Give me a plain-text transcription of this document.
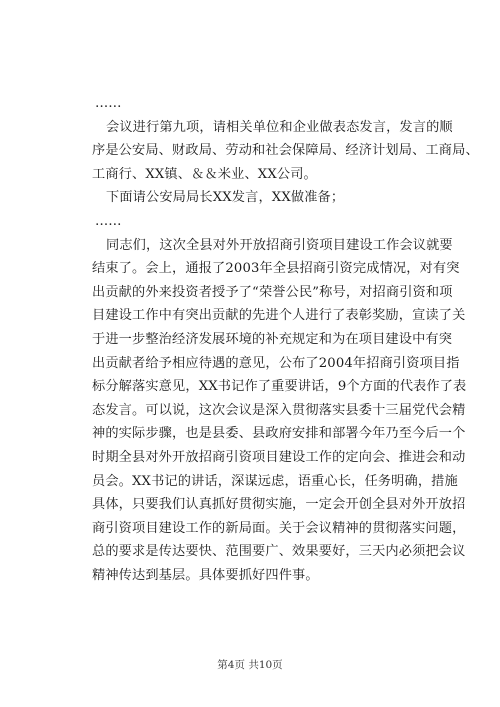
……
会议进行第九项，请相关单位和企业做表态发言，发言的顺
序是公安局、财政局、劳动和社会保障局、经济计划局、工商局、
工商行、XX镇、＆＆米业、XX公司。
下面请公安局局长XX发言，XX做准备；
……
同志们，这次全县对外开放招商引资项目建设工作会议就要
结束了。会上，通报了2003年全县招商引资完成情况，对有突
出贡献的外来投资者授予了“荣誉公民”称号，对招商引资和项
目建设工作中有突出贡献的先进个人进行了表彰奖励，宣读了关
于进一步整治经济发展环境的补充规定和为在项目建设中有突
出贡献者给予相应待遇的意见，公布了2004年招商引资项目指
标分解落实意见，XX书记作了重要讲话，9个方面的代表作了表
态发言。可以说，这次会议是深入贯彻落实县委十三届党代会精
神的实际步骤，也是县委、县政府安排和部署今年乃至今后一个
时期全县对外开放招商引资项目建设工作的定向会、推进会和动
员会。XX书记的讲话，深谋远虑，语重心长，任务明确，措施
具体，只要我们认真抓好贯彻实施，一定会开创全县对外开放招
商引资项目建设工作的新局面。关于会议精神的贯彻落实问题，
总的要求是传达要快、范围要广、效果要好，三天内必须把会议
精神传达到基层。具体要抓好四件事。
第4页 共10页
